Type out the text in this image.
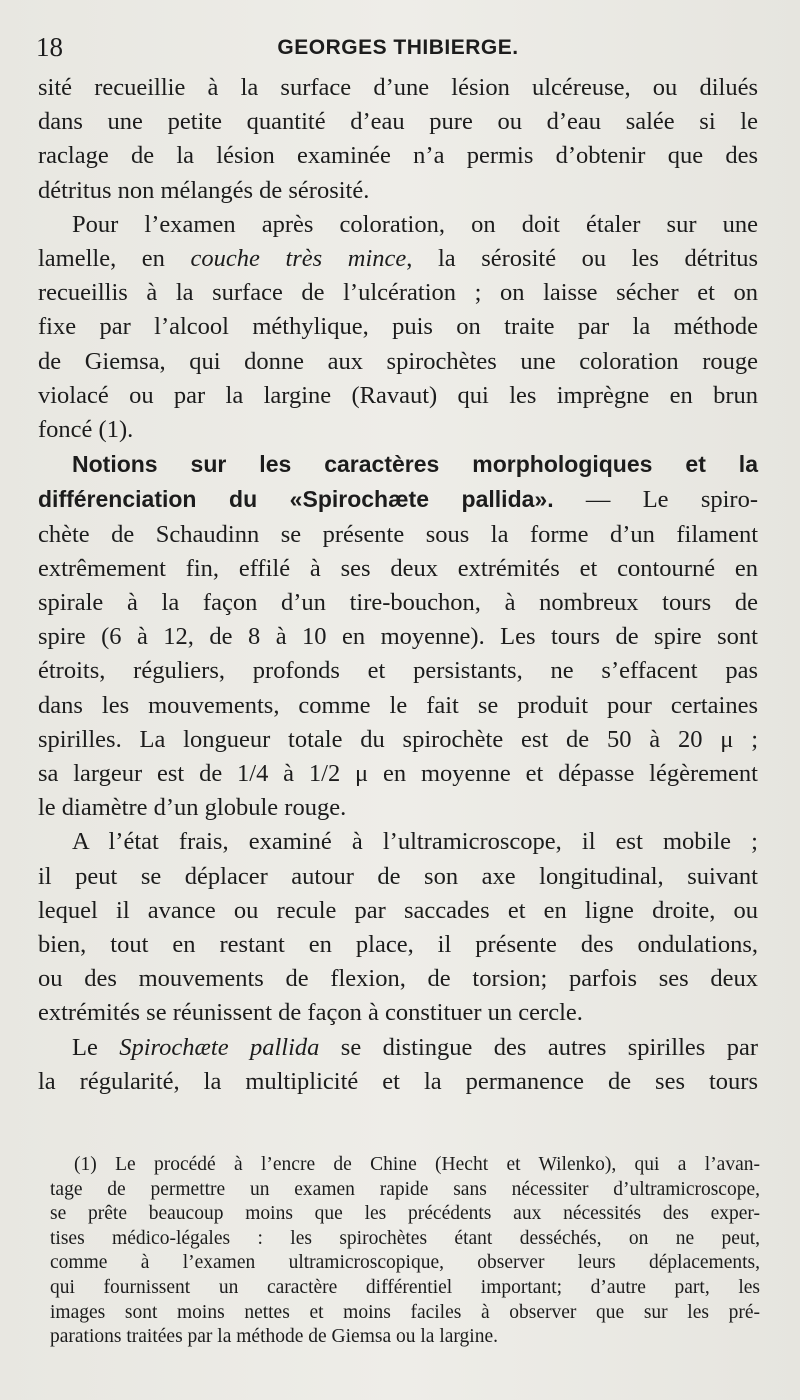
18	GEORGES THIBIERGE.

sité recueillie à la surface d’une lésion ulcéreuse, ou dilués

dans une petite quantité d’eau pure ou d’eau salée si le

raclage de la lésion examinée n’a permis d’obtenir que des

détritus non mélangés de sérosité.

Pour l’examen après coloration, on doit étaler sur une

lamelle, en couche très mince, la sérosité ou les détritus

recueillis à la surface de l’ulcération ; on laisse sécher et on

fixe par l’alcool méthylique, puis on traite par la méthode

de Giemsa, qui donne aux spirochètes une coloration rouge

violacé ou par la largine (Ravaut) qui les imprègne en brun

foncé (1).

Notions sur les caractères morphologiques et la

différenciation du «Spirochæte pallida». — Le spiro-

chète de Schaudinn se présente sous la forme d’un filament

extrêmement fin, effilé à ses deux extrémités et contourné en

spirale à la façon d’un tire-bouchon, à nombreux tours de

spire (6 à 12, de 8 à 10 en moyenne). Les tours de spire sont

étroits, réguliers, profonds et persistants, ne s’effacent pas

dans les mouvements, comme le fait se produit pour certaines

spirilles. La longueur totale du spirochète est de 50 à 20 μ ;

sa largeur est de 1/4 à 1/2 μ en moyenne et dépasse légèrement

le diamètre d’un globule rouge.

A l’état frais, examiné à l’ultramicroscope, il est mobile ;

il peut se déplacer autour de son axe longitudinal, suivant

lequel il avance ou recule par saccades et en ligne droite, ou

bien, tout en restant en place, il présente des ondulations,

ou des mouvements de flexion, de torsion; parfois ses deux

extrémités se réunissent de façon à constituer un cercle.

Le Spirochæte pallida se distingue des autres spirilles par

la régularité, la multiplicité et la permanence de ses tours

(1) Le procédé à l’encre de Chine (Hecht et Wilenko), qui a l’avan-

tage de permettre un examen rapide sans nécessiter d’ultramicroscope,

se prête beaucoup moins que les précédents aux nécessités des exper-

tises médico-légales : les spirochètes étant desséchés, on ne peut,

comme à l’examen ultramicroscopique, observer leurs déplacements,

qui fournissent un caractère différentiel important; d’autre part, les

images sont moins nettes et moins faciles à observer que sur les pré-

parations traitées par la méthode de Giemsa ou la largine.
